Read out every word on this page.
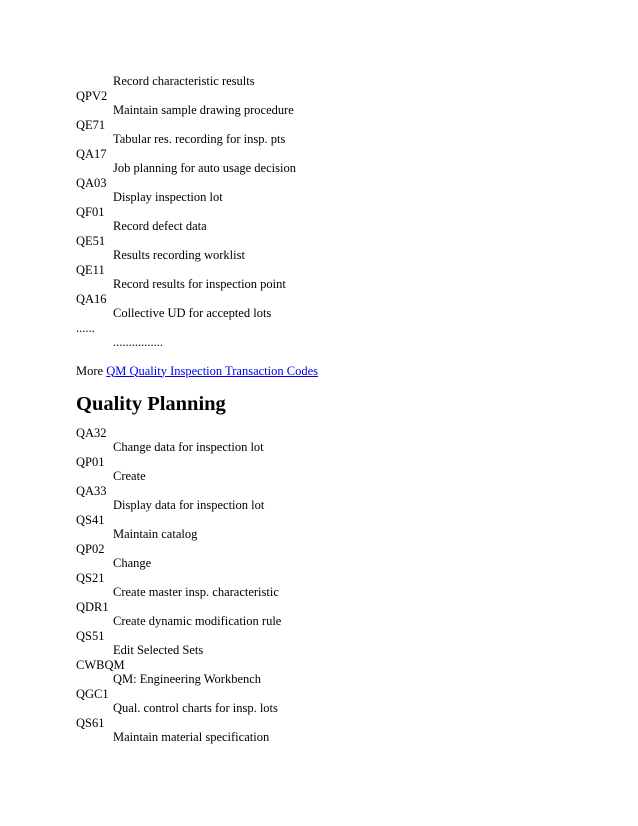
Record characteristic results
QPV2
Maintain sample drawing procedure
QE71
Tabular res. recording for insp. pts
QA17
Job planning for auto usage decision
QA03
Display inspection lot
QF01
Record defect data
QE51
Results recording worklist
QE11
Record results for inspection point
QA16
Collective UD for accepted lots
......
................
More QM Quality Inspection Transaction Codes
Quality Planning
QA32
Change data for inspection lot
QP01
Create
QA33
Display data for inspection lot
QS41
Maintain catalog
QP02
Change
QS21
Create master insp. characteristic
QDR1
Create dynamic modification rule
QS51
Edit Selected Sets
CWBQM
QM: Engineering Workbench
QGC1
Qual. control charts for insp. lots
QS61
Maintain material specification
